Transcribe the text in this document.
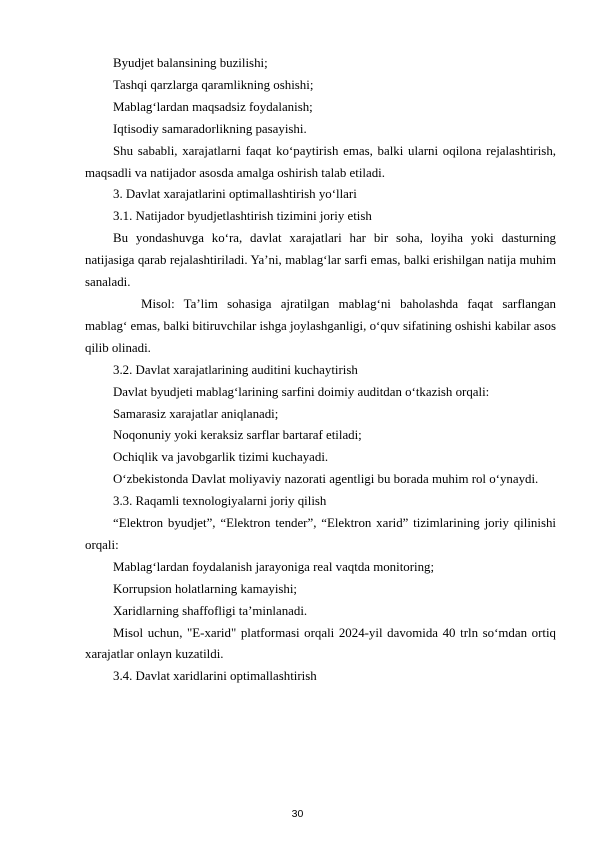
Byudjet balansining buzilishi;

Tashqi qarzlarga qaramlikning oshishi;

Mablag‘lardan maqsadsiz foydalanish;

Iqtisodiy samaradorlikning pasayishi.

Shu sababli, xarajatlarni faqat ko‘paytirish emas, balki ularni oqilona rejalashtirish, maqsadli va natijador asosda amalga oshirish talab etiladi.

3. Davlat xarajatlarini optimallashtirish yo‘llari

3.1. Natijador byudjetlashtirish tizimini joriy etish

Bu yondashuvga ko‘ra, davlat xarajatlari har bir soha, loyiha yoki dasturning natijasiga qarab rejalashtiriladi. Ya’ni, mablag‘lar sarfi emas, balki erishilgan natija muhim sanaladi.

Misol: Ta’lim sohasiga ajratilgan mablag‘ni baholashda faqat sarflangan mablag‘ emas, balki bitiruvchilar ishga joylashganligi, o‘quv sifatining oshishi kabilar asos qilib olinadi.

3.2. Davlat xarajatlarining auditini kuchaytirish

Davlat byudjeti mablag‘larining sarfini doimiy auditdan o‘tkazish orqali:

Samarasiz xarajatlar aniqlanadi;

Noqonuniy yoki keraksiz sarflar bartaraf etiladi;

Ochiqlik va javobgarlik tizimi kuchayadi.

O‘zbekistonda Davlat moliyaviy nazorati agentligi bu borada muhim rol o‘ynaydi.

3.3. Raqamli texnologiyalarni joriy qilish

“Elektron byudjet”, “Elektron tender”, “Elektron xarid” tizimlarining joriy qilinishi orqali:

Mablag‘lardan foydalanish jarayoniga real vaqtda monitoring;

Korrupsion holatlarning kamayishi;

Xaridlarning shaffofligi ta’minlanadi.

Misol uchun, "E-xarid" platformasi orqali 2024-yil davomida 40 trln so‘mdan ortiq xarajatlar onlayn kuzatildi.

3.4. Davlat xaridlarini optimallashtirish

30
